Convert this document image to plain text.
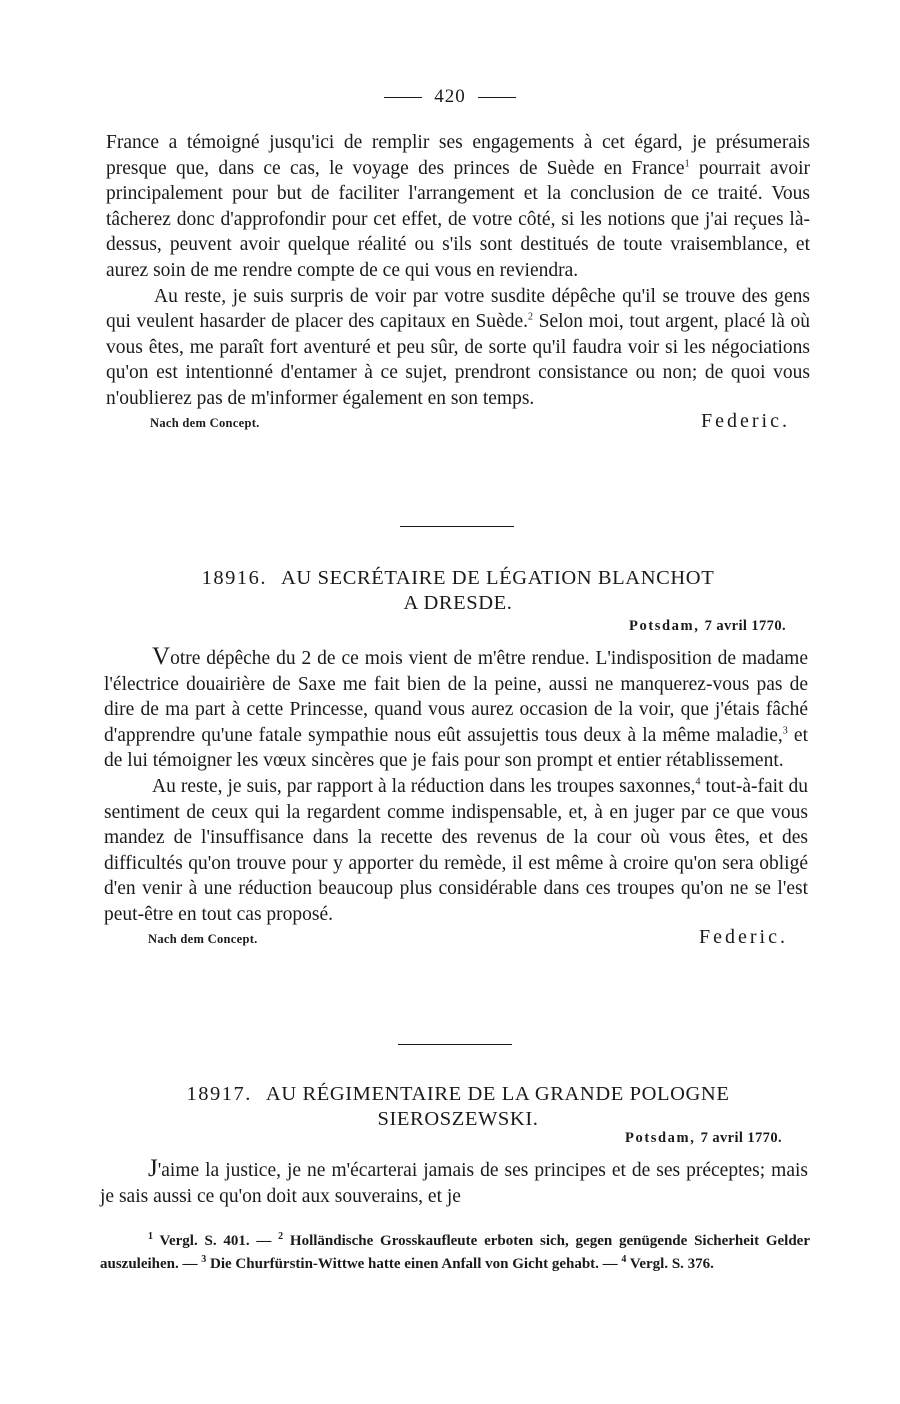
420

France a témoigné jusqu'ici de remplir ses engagements à cet égard, je présumerais presque que, dans ce cas, le voyage des princes de Suède en France$^1$ pourrait avoir principalement pour but de faciliter l'arrangement et la conclusion de ce traité. Vous tâcherez donc d'approfondir pour cet effet, de votre côté, si les notions que j'ai reçues là-dessus, peuvent avoir quelque réalité ou s'ils sont destitués de toute vraisemblance, et aurez soin de me rendre compte de ce qui vous en reviendra.

Au reste, je suis surpris de voir par votre susdite dépêche qu'il se trouve des gens qui veulent hasarder de placer des capitaux en Suède.$^2$ Selon moi, tout argent, placé là où vous êtes, me paraît fort aventuré et peu sûr, de sorte qu'il faudra voir si les négociations qu'on est intentionné d'entamer à ce sujet, prendront consistance ou non; de quoi vous n'oublierez pas de m'informer également en son temps.

Nach dem Concept.	Federic.
18916. AU SECRÉTAIRE DE LÉGATION BLANCHOT
A DRESDE.
Potsdam, 7 avril 1770.

Votre dépêche du 2 de ce mois vient de m'être rendue. L'indisposition de madame l'électrice douairière de Saxe me fait bien de la peine, aussi ne manquerez-vous pas de dire de ma part à cette Princesse, quand vous aurez occasion de la voir, que j'étais fâché d'apprendre qu'une fatale sympathie nous eût assujettis tous deux à la même maladie,$^3$ et de lui témoigner les vœux sincères que je fais pour son prompt et entier rétablissement.

Au reste, je suis, par rapport à la réduction dans les troupes saxonnes,$^4$ tout-à-fait du sentiment de ceux qui la regardent comme indispensable, et, à en juger par ce que vous mandez de l'insuffisance dans la recette des revenus de la cour où vous êtes, et des difficultés qu'on trouve pour y apporter du remède, il est même à croire qu'on sera obligé d'en venir à une réduction beaucoup plus considérable dans ces troupes qu'on ne se l'est peut-être en tout cas proposé.

Nach dem Concept.	Federic.
18917. AU RÉGIMENTAIRE DE LA GRANDE POLOGNE
SIEROSZEWSKI.
Potsdam, 7 avril 1770.

J'aime la justice, je ne m'écarterai jamais de ses principes et de ses préceptes; mais je sais aussi ce qu'on doit aux souverains, et je

$^1$ Vergl. S. 401. — $^2$ Holländische Grosskaufleute erboten sich, gegen genügende Sicherheit Gelder auszuleihen. — $^3$ Die Churfürstin-Wittwe hatte einen Anfall von Gicht gehabt. — $^4$ Vergl. S. 376.
